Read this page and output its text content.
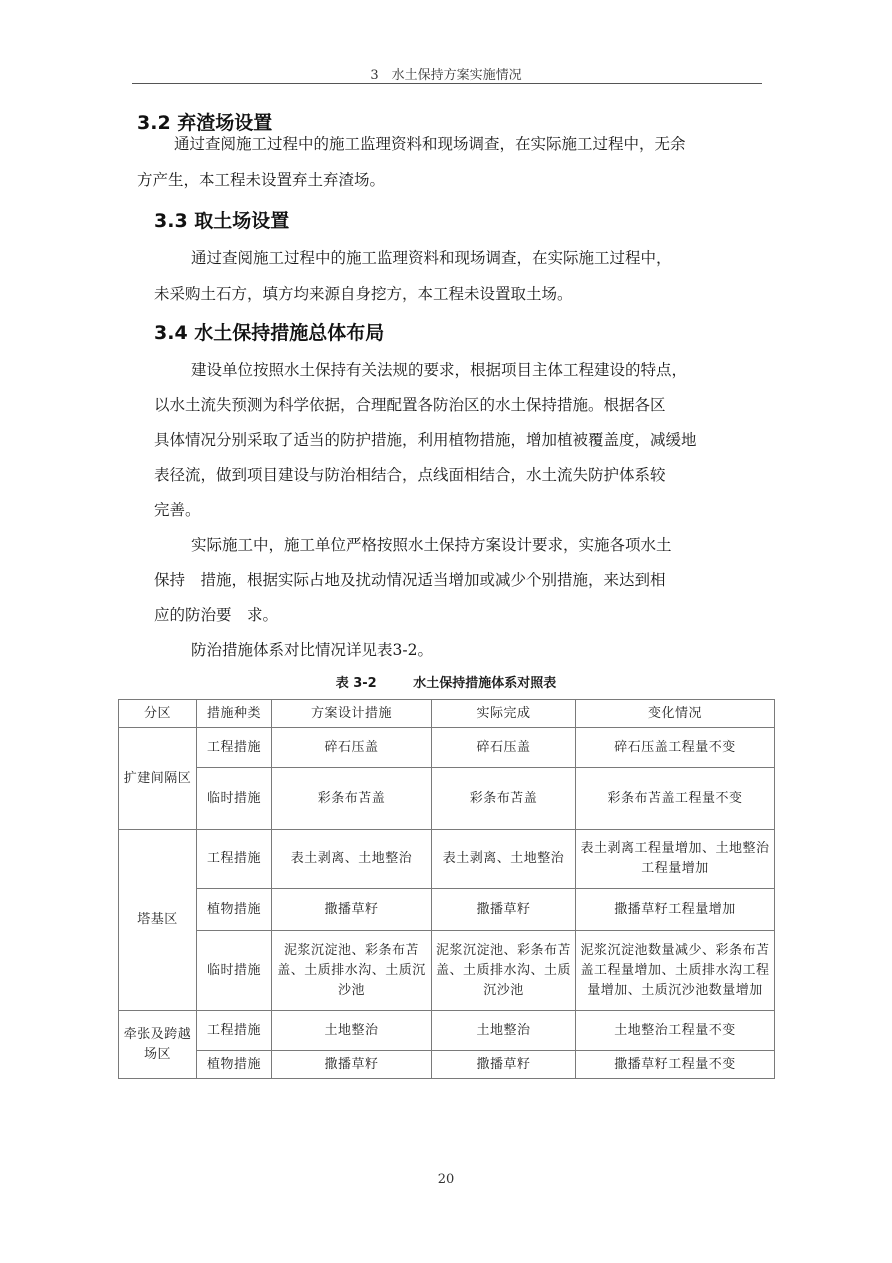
3　水土保持方案实施情况
3.2 弃渣场设置
通过查阅施工过程中的施工监理资料和现场调查，在实际施工过程中，无余
方产生，本工程未设置弃土弃渣场。
3.3 取土场设置
通过查阅施工过程中的施工监理资料和现场调查，在实际施工过程中，
未采购土石方，填方均来源自身挖方，本工程未设置取土场。
3.4 水土保持措施总体布局
建设单位按照水土保持有关法规的要求，根据项目主体工程建设的特点，
以水土流失预测为科学依据，合理配置各防治区的水土保持措施。根据各区
具体情况分别采取了适当的防护措施，利用植物措施，增加植被覆盖度，减缓地
表径流，做到项目建设与防治相结合，点线面相结合，水土流失防护体系较
完善。
实际施工中，施工单位严格按照水土保持方案设计要求，实施各项水土
保持　措施，根据实际占地及扰动情况适当增加或减少个别措施，来达到相
应的防治要　求。
防治措施体系对比情况详见表3-2。
表 3-2	水土保持措施体系对照表
分区	措施种类	方案设计措施	实际完成	变化情况
扩建间隔区	工程措施	碎石压盖	碎石压盖	碎石压盖工程量不变
	临时措施	彩条布苫盖	彩条布苫盖	彩条布苫盖工程量不变
塔基区	工程措施	表土剥离、土地整治	表土剥离、土地整治	表土剥离工程量增加、土地整治工程量增加
	植物措施	撒播草籽	撒播草籽	撒播草籽工程量增加
	临时措施	泥浆沉淀池、彩条布苫盖、土质排水沟、土质沉沙池	泥浆沉淀池、彩条布苫盖、土质排水沟、土质沉沙池	泥浆沉淀池数量减少、彩条布苫盖工程量增加、土质排水沟工程量增加、土质沉沙池数量增加
牵张及跨越场区	工程措施	土地整治	土地整治	土地整治工程量不变
	植物措施	撒播草籽	撒播草籽	撒播草籽工程量不变
20
